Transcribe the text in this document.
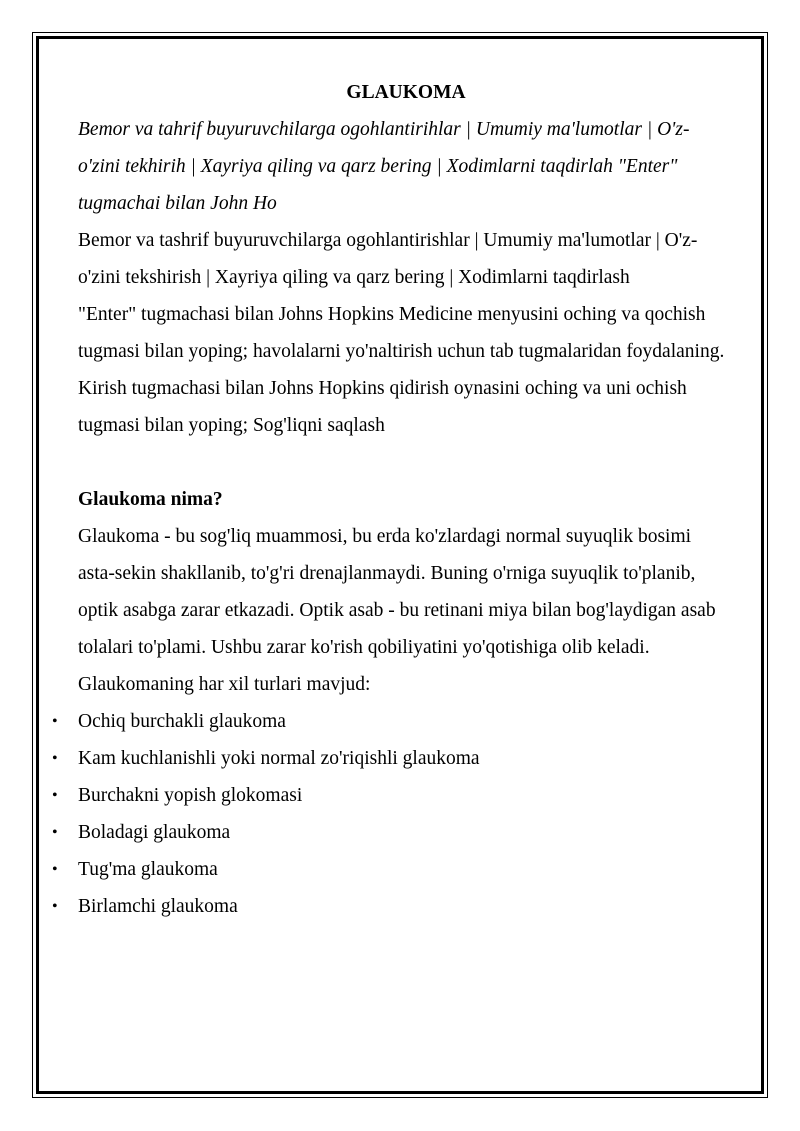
GLAUKOMA

Bemor va tahrif buyuruvchilarga ogohlantirihlar | Umumiy ma'lumotlar | O'z-o'zini tekhirih | Xayriya qiling va qarz bering | Xodimlarni taqdirlah "Enter" tugmachai bilan John Ho

Bemor va tashrif buyuruvchilarga ogohlantirishlar | Umumiy ma'lumotlar | O'z-o'zini tekshirish | Xayriya qiling va qarz bering | Xodimlarni taqdirlash

"Enter" tugmachasi bilan Johns Hopkins Medicine menyusini oching va qochish tugmasi bilan yoping; havolalarni yo'naltirish uchun tab tugmalaridan foydalaning. Kirish tugmachasi bilan Johns Hopkins qidirish oynasini oching va uni ochish tugmasi bilan yoping; Sog'liqni saqlash

Glaukoma nima?

Glaukoma - bu sog'liq muammosi, bu erda ko'zlardagi normal suyuqlik bosimi asta-sekin shakllanib, to'g'ri drenajlanmaydi. Buning o'rniga suyuqlik to'planib, optik asabga zarar etkazadi. Optik asab - bu retinani miya bilan bog'laydigan asab tolalari to'plami. Ushbu zarar ko'rish qobiliyatini yo'qotishiga olib keladi.

Glaukomaning har xil turlari mavjud:

• Ochiq burchakli glaukoma
• Kam kuchlanishli yoki normal zo'riqishli glaukoma
• Burchakni yopish glokomasi
• Boladagi glaukoma
• Tug'ma glaukoma
• Birlamchi glaukoma
